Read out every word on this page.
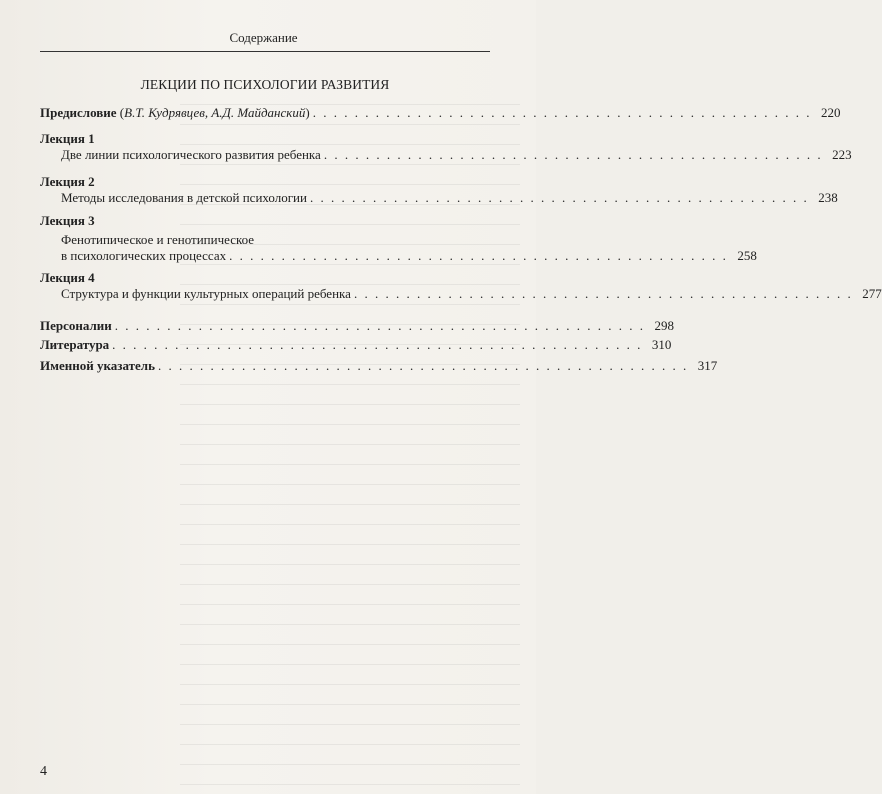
Содержание
ЛЕКЦИИ ПО ПСИХОЛОГИИ РАЗВИТИЯ
Предисловие (В.Т. Кудрявцев, А.Д. Майданский) . . . . . . . . . . . . . . . . . . . . . . . . . . . . . . . . . . . . . . . . . . . . . . . . 220
Лекция 1
Две линии психологического развития ребенка . . . . . . . . . . . . . . . . . . . . . . . . . . . . . . . . . . . . . . . . . . . . . . . . 223
Лекция 2
Методы исследования в детской психологии . . . . . . . . . . . . . . . . . . . . . . . . . . . . . . . . . . . . . . . . . . . . . . . . 238
Лекция 3
Фенотипическое и генотипическое
в психологических процессах . . . . . . . . . . . . . . . . . . . . . . . . . . . . . . . . . . . . . . . . . . . . . . . . 258
Лекция 4
Структура и функции культурных операций ребенка . . . . . . . . . . . . . . . . . . . . . . . . . . . . . . . . . . . . . . . . . . . . . . . . 277
Персоналии . . . . . . . . . . . . . . . . . . . . . . . . . . . . . . . . . . . . . . . . . . . . . . . . . . . 298
Литература . . . . . . . . . . . . . . . . . . . . . . . . . . . . . . . . . . . . . . . . . . . . . . . . . . . 310
Именной указатель . . . . . . . . . . . . . . . . . . . . . . . . . . . . . . . . . . . . . . . . . . . . . . . . . . . 317
4
